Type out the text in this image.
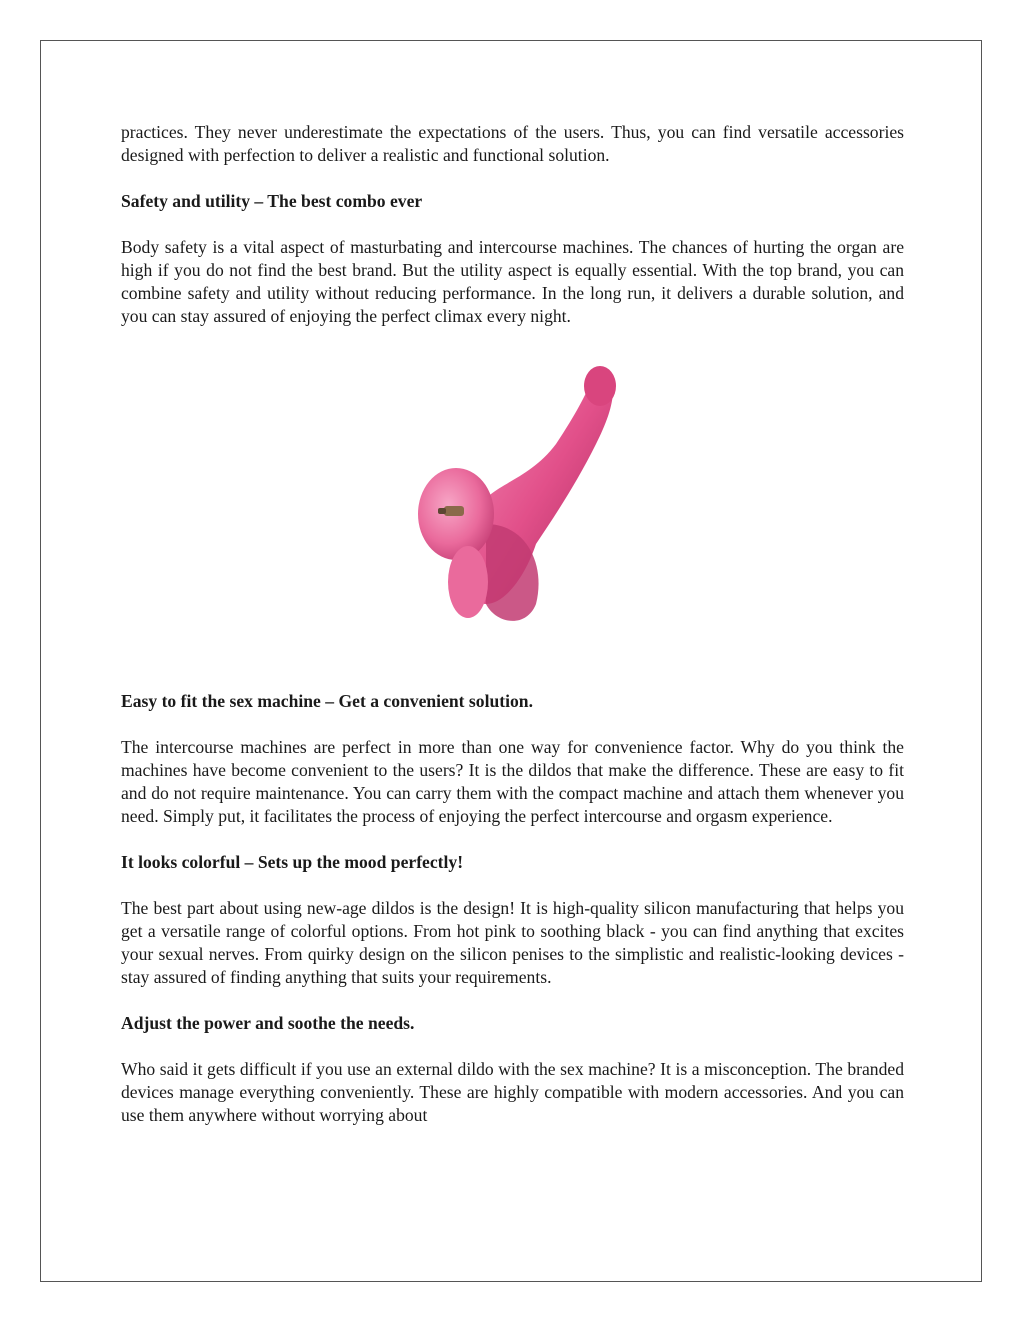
practices. They never underestimate the expectations of the users. Thus, you can find versatile accessories designed with perfection to deliver a realistic and functional solution.

Safety and utility – The best combo ever

Body safety is a vital aspect of masturbating and intercourse machines. The chances of hurting the organ are high if you do not find the best brand. But the utility aspect is equally essential. With the top brand, you can combine safety and utility without reducing performance. In the long run, it delivers a durable solution, and you can stay assured of enjoying the perfect climax every night.

Easy to fit the sex machine – Get a convenient solution.

The intercourse machines are perfect in more than one way for convenience factor. Why do you think the machines have become convenient to the users? It is the dildos that make the difference. These are easy to fit and do not require maintenance. You can carry them with the compact machine and attach them whenever you need. Simply put, it facilitates the process of enjoying the perfect intercourse and orgasm experience.

It looks colorful – Sets up the mood perfectly!

The best part about using new-age dildos is the design! It is high-quality silicon manufacturing that helps you get a versatile range of colorful options. From hot pink to soothing black - you can find anything that excites your sexual nerves. From quirky design on the silicon penises to the simplistic and realistic-looking devices - stay assured of finding anything that suits your requirements.

Adjust the power and soothe the needs.

Who said it gets difficult if you use an external dildo with the sex machine? It is a misconception. The branded devices manage everything conveniently. These are highly compatible with modern accessories. And you can use them anywhere without worrying about
